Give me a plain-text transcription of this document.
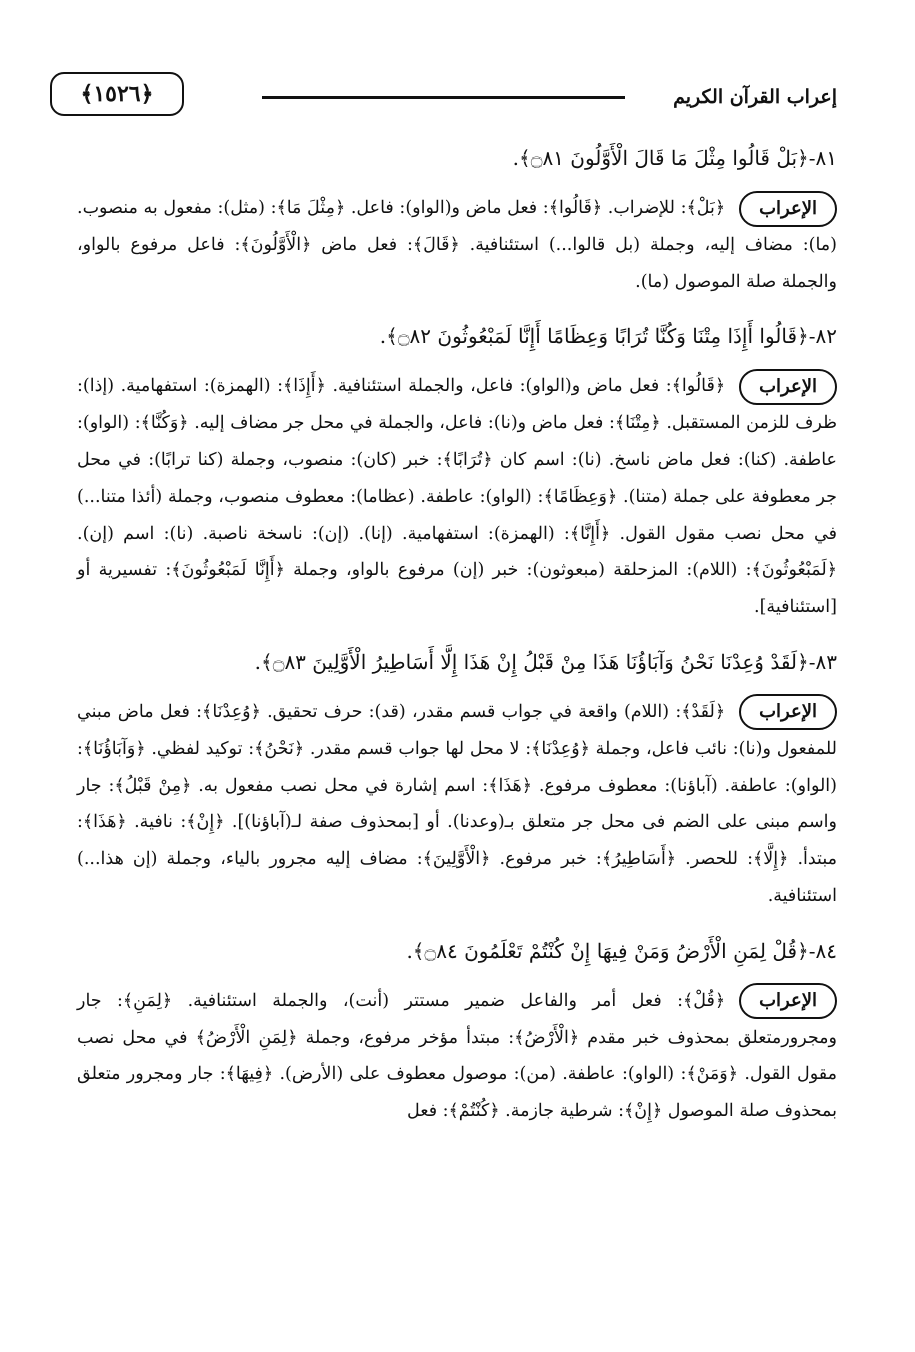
إعراب القرآن الكريم
﴿١٥٢٦﴾
٨١-﴿بَلْ قَالُوا مِثْلَ مَا قَالَ الْأَوَّلُونَ ۝٨١﴾.
الإعراب﴿بَلْ﴾: للإضراب. ﴿قَالُوا﴾: فعل ماض و(الواو): فاعل. ﴿مِثْلَ مَا﴾: (مثل): مفعول به منصوب. (ما): مضاف إليه، وجملة (بل قالوا...) استئنافية. ﴿قَالَ﴾: فعل ماض ﴿الْأَوَّلُونَ﴾: فاعل مرفوع بالواو، والجملة صلة الموصول (ما).
٨٢-﴿قَالُوا أَإِذَا مِتْنَا وَكُنَّا تُرَابًا وَعِظَامًا أَإِنَّا لَمَبْعُوثُونَ ۝٨٢﴾.
الإعراب﴿قَالُوا﴾: فعل ماض و(الواو): فاعل، والجملة استئنافية. ﴿أَإِذَا﴾: (الهمزة): استفهامية. (إذا): ظرف للزمن المستقبل. ﴿مِتْنَا﴾: فعل ماض و(نا): فاعل، والجملة في محل جر مضاف إليه. ﴿وَكُنَّا﴾: (الواو): عاطفة. (كنا): فعل ماض ناسخ. (نا): اسم كان ﴿تُرَابًا﴾: خبر (كان): منصوب، وجملة (كنا ترابًا): في محل جر معطوفة على جملة (متنا). ﴿وَعِظَامًا﴾: (الواو): عاطفة. (عظاما): معطوف منصوب، وجملة (أئذا متنا...) في محل نصب مقول القول. ﴿أَإِنَّا﴾: (الهمزة): استفهامية. (إنا). (إن): ناسخة ناصبة. (نا): اسم (إن). ﴿لَمَبْعُوثُونَ﴾: (اللام): المزحلقة (مبعوثون): خبر (إن) مرفوع بالواو، وجملة ﴿أَإِنَّا لَمَبْعُوثُونَ﴾: تفسيرية أو [استئنافية].
٨٣-﴿لَقَدْ وُعِدْنَا نَحْنُ وَآبَاؤُنَا هَذَا مِنْ قَبْلُ إِنْ هَذَا إِلَّا أَسَاطِيرُ الْأَوَّلِينَ ۝٨٣﴾.
الإعراب﴿لَقَدْ﴾: (اللام) واقعة في جواب قسم مقدر، (قد): حرف تحقيق. ﴿وُعِدْنَا﴾: فعل ماض مبني للمفعول و(نا): نائب فاعل، وجملة ﴿وُعِدْنَا﴾: لا محل لها جواب قسم مقدر. ﴿نَحْنُ﴾: توكيد لفظي. ﴿وَآبَاؤُنَا﴾: (الواو): عاطفة. (آباؤنا): معطوف مرفوع. ﴿هَذَا﴾: اسم إشارة في محل نصب مفعول به. ﴿مِنْ قَبْلُ﴾: جار واسم مبنى على الضم فى محل جر متعلق بـ(وعدنا). أو [بمحذوف صفة لـ(آباؤنا)]. ﴿إِنْ﴾: نافية. ﴿هَذَا﴾: مبتدأ. ﴿إِلَّا﴾: للحصر. ﴿أَسَاطِيرُ﴾: خبر مرفوع. ﴿الْأَوَّلِينَ﴾: مضاف إليه مجرور بالياء، وجملة (إن هذا...) استئنافية.
٨٤-﴿قُلْ لِمَنِ الْأَرْضُ وَمَنْ فِيهَا إِنْ كُنْتُمْ تَعْلَمُونَ ۝٨٤﴾.
الإعراب﴿قُلْ﴾: فعل أمر والفاعل ضمير مستتر (أنت)، والجملة استئنافية. ﴿لِمَنِ﴾: جار ومجرورمتعلق بمحذوف خبر مقدم ﴿الْأَرْضُ﴾: مبتدأ مؤخر مرفوع، وجملة ﴿لِمَنِ الْأَرْضُ﴾ في محل نصب مقول القول. ﴿وَمَنْ﴾: (الواو): عاطفة. (من): موصول معطوف على (الأرض). ﴿فِيهَا﴾: جار ومجرور متعلق بمحذوف صلة الموصول ﴿إِنْ﴾: شرطية جازمة. ﴿كُنْتُمْ﴾: فعل
